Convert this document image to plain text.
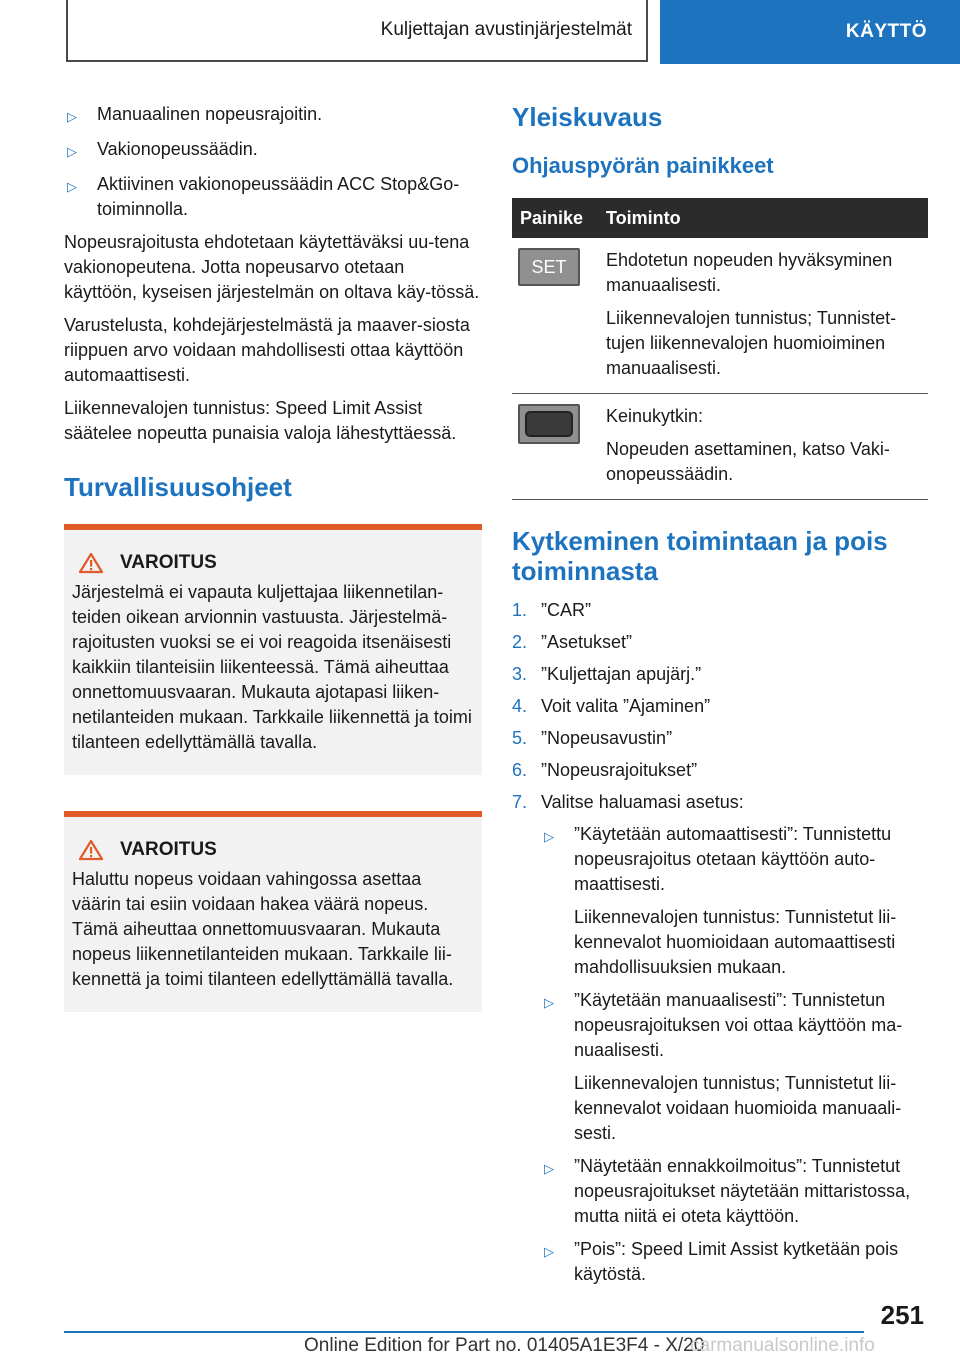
Kuljettajan avustinjärjestelmät	KÄYTTÖ
▷	Manuaalinen nopeusrajoitin.
▷	Vakionopeussäädin.
▷	Aktiivinen vakionopeussäädin ACC Stop&Go-toiminnolla.

Nopeusrajoitusta ehdotetaan käytettäväksi uu‐tena vakionopeutena. Jotta nopeusarvo otetaan käyttöön, kyseisen järjestelmän on oltava käy‐tössä.

Varustelusta, kohdejärjestelmästä ja maaver‐siosta riippuen arvo voidaan mahdollisesti ottaa käyttöön automaattisesti.

Liikennevalojen tunnistus: Speed Limit Assist säätelee nopeutta punaisia valoja lähestyttäessä.

Turvallisuusohjeet
VAROITUS

Järjestelmä ei vapauta kuljettajaa liikennetilan‐teiden oikean arvionnin vastuusta. Järjestelmä‐rajoitusten vuoksi se ei voi reagoida itsenäisesti kaikkiin tilanteisiin liikenteessä. Tämä aiheuttaa onnettomuusvaaran. Mukauta ajotapasi liiken‐netilanteiden mukaan. Tarkkaile liikennettä ja toimi tilanteen edellyttämällä tavalla.

VAROITUS

Haluttu nopeus voidaan vahingossa asettaa väärin tai esiin voidaan hakea väärä nopeus. Tämä aiheuttaa onnettomuusvaaran. Mukauta nopeus liikennetilanteiden mukaan. Tarkkaile lii‐kennettä ja toimi tilanteen edellyttämällä tavalla.

Yleiskuvaus
Ohjauspyörän painikkeet
Painike	Toiminto

SET	Ehdotetun nopeuden hyväksyminen manuaalisesti.

Liikennevalojen tunnistus; Tunnistet‐tujen liikennevalojen huomioiminen manuaalisesti.

	Keinukytkin:

Nopeuden asettaminen, katso Vaki‐onopeussäädin.

Kytkeminen toimintaan ja pois toiminnasta
1. ”CAR”
2. ”Asetukset”
3. ”Kuljettajan apujärj.”
4. Voit valita ”Ajaminen”
5. ”Nopeusavustin”
6. ”Nopeusrajoitukset”
7. Valitse haluamasi asetus:
▷	”Käytetään automaattisesti”: Tunnistettu nopeusrajoitus otetaan käyttöön auto‐maattisesti.

Liikennevalojen tunnistus: Tunnistetut lii‐kennevalot huomioidaan automaattisesti mahdollisuuksien mukaan.

▷	”Käytetään manuaalisesti”: Tunnistetun nopeusrajoituksen voi ottaa käyttöön ma‐nuaalisesti.

Liikennevalojen tunnistus; Tunnistetut lii‐kennevalot voidaan huomioida manuaali‐sesti.

▷	”Näytetään ennakkoilmoitus”: Tunnistetut nopeusrajoitukset näytetään mittaristossa, mutta niitä ei oteta käyttöön.

▷	”Pois”: Speed Limit Assist kytketään pois käytöstä.

251
Online Edition for Part no. 01405A1E3F4 - X/20
carmanualsonline.info
